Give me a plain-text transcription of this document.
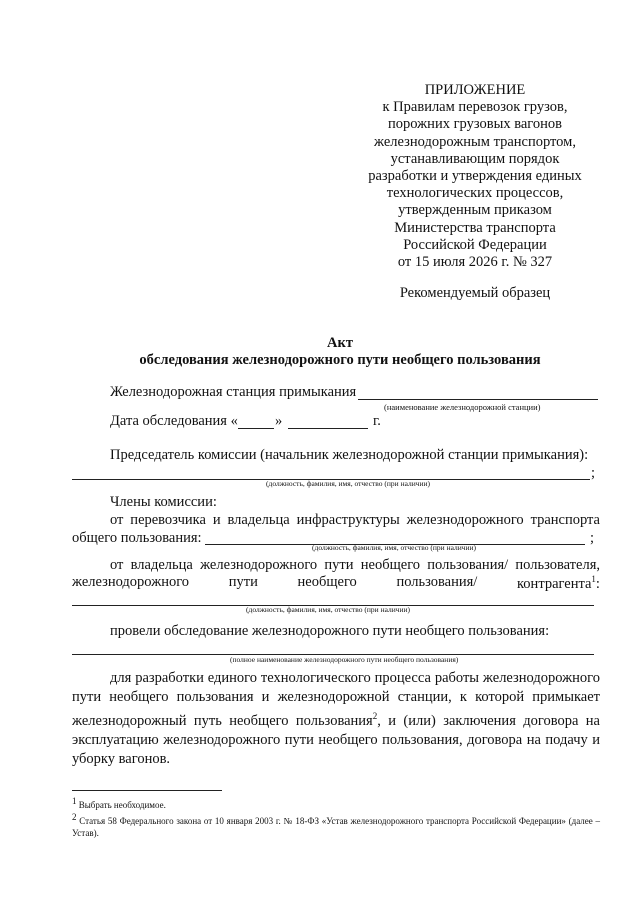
ПРИЛОЖЕНИЕ
к Правилам перевозок грузов,
порожних грузовых вагонов
железнодорожным транспортом,
устанавливающим порядок
разработки и утверждения единых
технологических процессов,
утвержденным приказом
Министерства транспорта
Российской Федерации
от 15 июля 2026 г. № 327
Рекомендуемый образец
Акт
обследования железнодорожного пути необщего пользования
Железнодорожная станция примыкания
(наименование железнодорожной станции)
Дата обследования «	»	г.
Председатель комиссии (начальник железнодорожной станции примыкания):
;
(должность, фамилия, имя, отчество (при наличии)
Члены комиссии:
от перевозчика и владельца инфраструктуры железнодорожного транспорта
общего пользования:	;
(должность, фамилия, имя, отчество (при наличии)
от владельца железнодорожного пути необщего пользования/ пользователя,
железнодорожного	пути	необщего	пользования/	контрагента$^1$:
(должность, фамилия, имя, отчество (при наличии)
провели обследование железнодорожного пути необщего пользования:
(полное наименование железнодорожного пути необщего пользования)
для разработки единого технологического процесса работы железнодорожного пути необщего пользования и железнодорожной станции, к которой примыкает железнодорожный путь необщего пользования$^2$, и (или) заключения договора на эксплуатацию железнодорожного пути необщего пользования, договора на подачу и уборку вагонов.
$^1$ Выбрать необходимое.
$^2$ Статья 58 Федерального закона от 10 января 2003 г. № 18-ФЗ «Устав железнодорожного транспорта Российской Федерации» (далее – Устав).
